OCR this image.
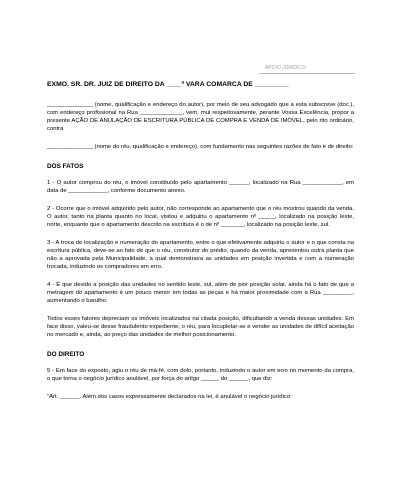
APOIO JURIDICO

EXMO. SR. DR. JUIZ DE DIREITO DA ____ª VARA COMARCA DE _________

______________ (nome, qualificação e endereço do autor), por meio de seu advogado que a esta subscreve (doc.), com endereço profissional na Rua _____________, vem, mui respeitosamente, perante Vossa Excelência, propor a presente AÇÃO DE ANULAÇÃO DE ESCRITURA PÚBLICA DE COMPRA E VENDA DE IMÓVEL, pelo rito ordinário, contra

______________ (nome do réu, qualificação e endereço), com fundamento nas seguintes razões de fato e de direito:

DOS FATOS

1 - O autor comprou do réu, o imóvel constituído pelo apartamento ______, localizado na Rua ____________, em data de ____________, conforme documento anexo.

2 - Ocorre que o imóvel adquirido pelo autor, não corresponde ao apartamento que o réu mostrou quando da venda. O autor, tanto na planta quanto no local, visitou e adquiriu o apartamento nº _____, localizado na posição leste, norte, enquanto que o apartamento descrito na escritura é o de nº _______, localizado na posição leste, sul.

3 - A troca de localização e numeração do apartamento, entre o que efetivamente adquiriu o autor e o que consta na escritura pública, deve-se ao fato de que o réu, construtor do prédio, quando da venda, apresentou outra planta que não a aprovada pela Municipalidade, a qual demonstrava as unidades em posição invertida e com a numeração trocada, induzindo os compradores em erro.

4 - É que devido a posição das unidades no sentido leste, sul, além de pior posição solar, ainda há o fato de que a metragem do apartamento é um pouco menor em todas as peças e há maior proximidade com a Rua _________, aumentando o barulho.

Todos esses fatores depreciam os imóveis localizados na citada posição, dificultando a venda dessas unidades. Em face disso, valeu-se desse fraudulento expediente, o réu, para locupletar-se e vender as unidades de difícil aceitação no mercado e, ainda, ao preço das unidades de melhor posicionamento.

DO DIREITO

5 - Em face do exposto, agiu o réu de má-fé, com dolo, portanto, induzindo o autor em erro no momento da compra, o que torna o negócio jurídico anulável, por força do artigo _____, do ______, que diz:

"Art. ______. Além dos casos expressamente declarados na lei, é anulável o negócio jurídico:
